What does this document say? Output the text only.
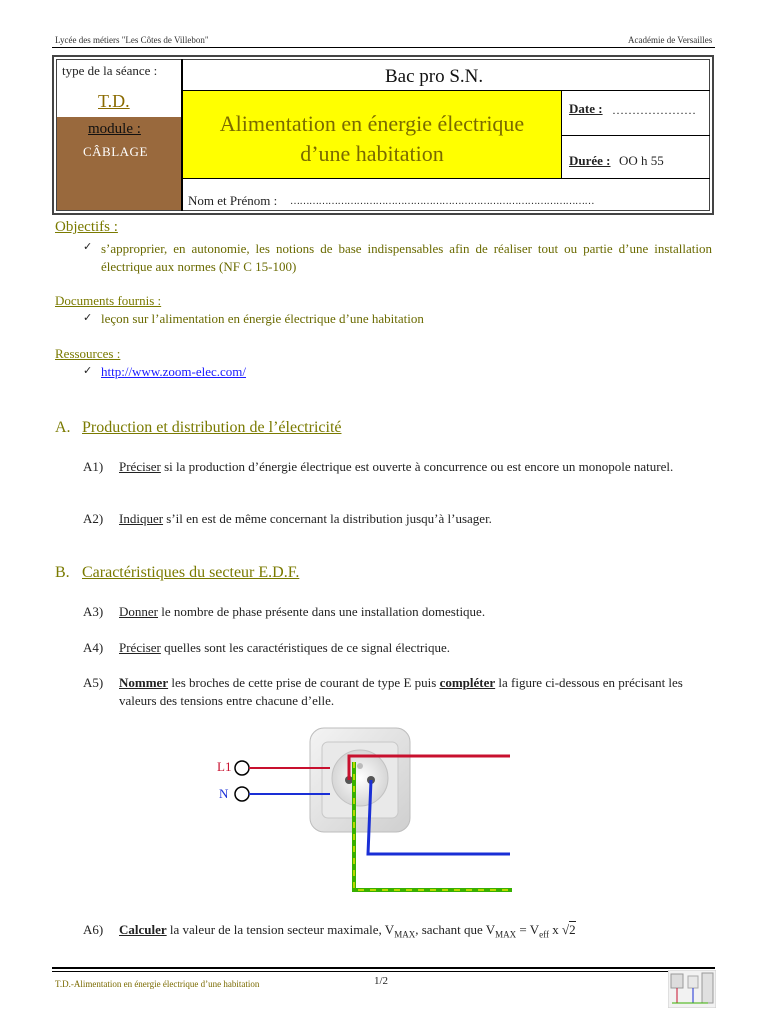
Lycée des métiers "Les Côtes de Villebon"	Académie de Versailles
type de la séance :
T.D.
module :
CÂBLAGE
Bac pro S.N.
Alimentation en énergie électrique
d’une habitation
Date : …………………
Durée : OO h 55
Nom et Prénom : ……………………………………………………………………………………
Objectifs :
✓ s’approprier, en autonomie, les notions de base indispensables afin de réaliser tout ou partie d’une installation électrique aux normes (NF C 15-100)
Documents fournis :
✓ leçon sur l’alimentation en énergie électrique d’une habitation
Ressources :
✓ http://www.zoom-elec.com/
A. Production et distribution de l’électricité
A1) Préciser si la production d’énergie électrique est ouverte à concurrence ou est encore un monopole naturel.
A2) Indiquer s’il en est de même concernant la distribution jusqu’à l’usager.
B. Caractéristiques du secteur E.D.F.
A3) Donner le nombre de phase présente dans une installation domestique.
A4) Préciser quelles sont les caractéristiques de ce signal électrique.
A5) Nommer les broches de cette prise de courant de type E puis compléter la figure ci-dessous en précisant les valeurs des tensions entre chacune d’elle.
L1
N
A6) Calculer la valeur de la tension secteur maximale, $V_{MAX}$, sachant que $V_{MAX} = V_{eff}$ x √2
T.D.-Alimentation en énergie électrique d’une habitation	1/2
